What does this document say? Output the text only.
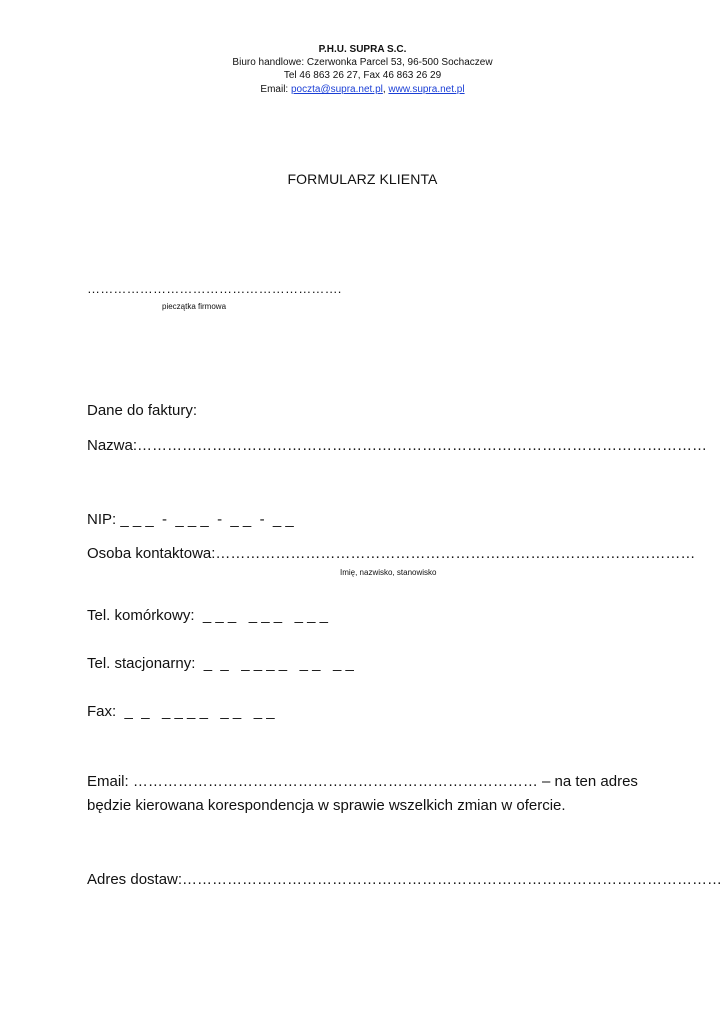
P.H.U. SUPRA S.C.
Biuro handlowe: Czerwonka Parcel 53, 96-500 Sochaczew
Tel 46 863 26 27, Fax 46 863 26 29
Email: poczta@supra.net.pl, www.supra.net.pl
FORMULARZ KLIENTA
………………………………………………….
pieczątka firmowa
Dane do faktury:
Nazwa:……………………………………………………………………………………………………
NIP: _ _ _  -  _ _ _  -  _ _  -  _ _
Osoba kontaktowa:……………………………………………………………………………………
Imię, nazwisko, stanowisko
Tel. komórkowy:  _ _ _   _ _ _   _ _ _
Tel. stacjonarny:  _  _   _ _ _ _   _ _   _ _
Fax:  _  _   _ _ _ _   _ _   _ _
Email: ……………………………………………………………………… – na ten adres będzie kierowana korespondencja w sprawie wszelkich zmian w ofercie.
Adres dostaw:………………………………………………………………………………………………
